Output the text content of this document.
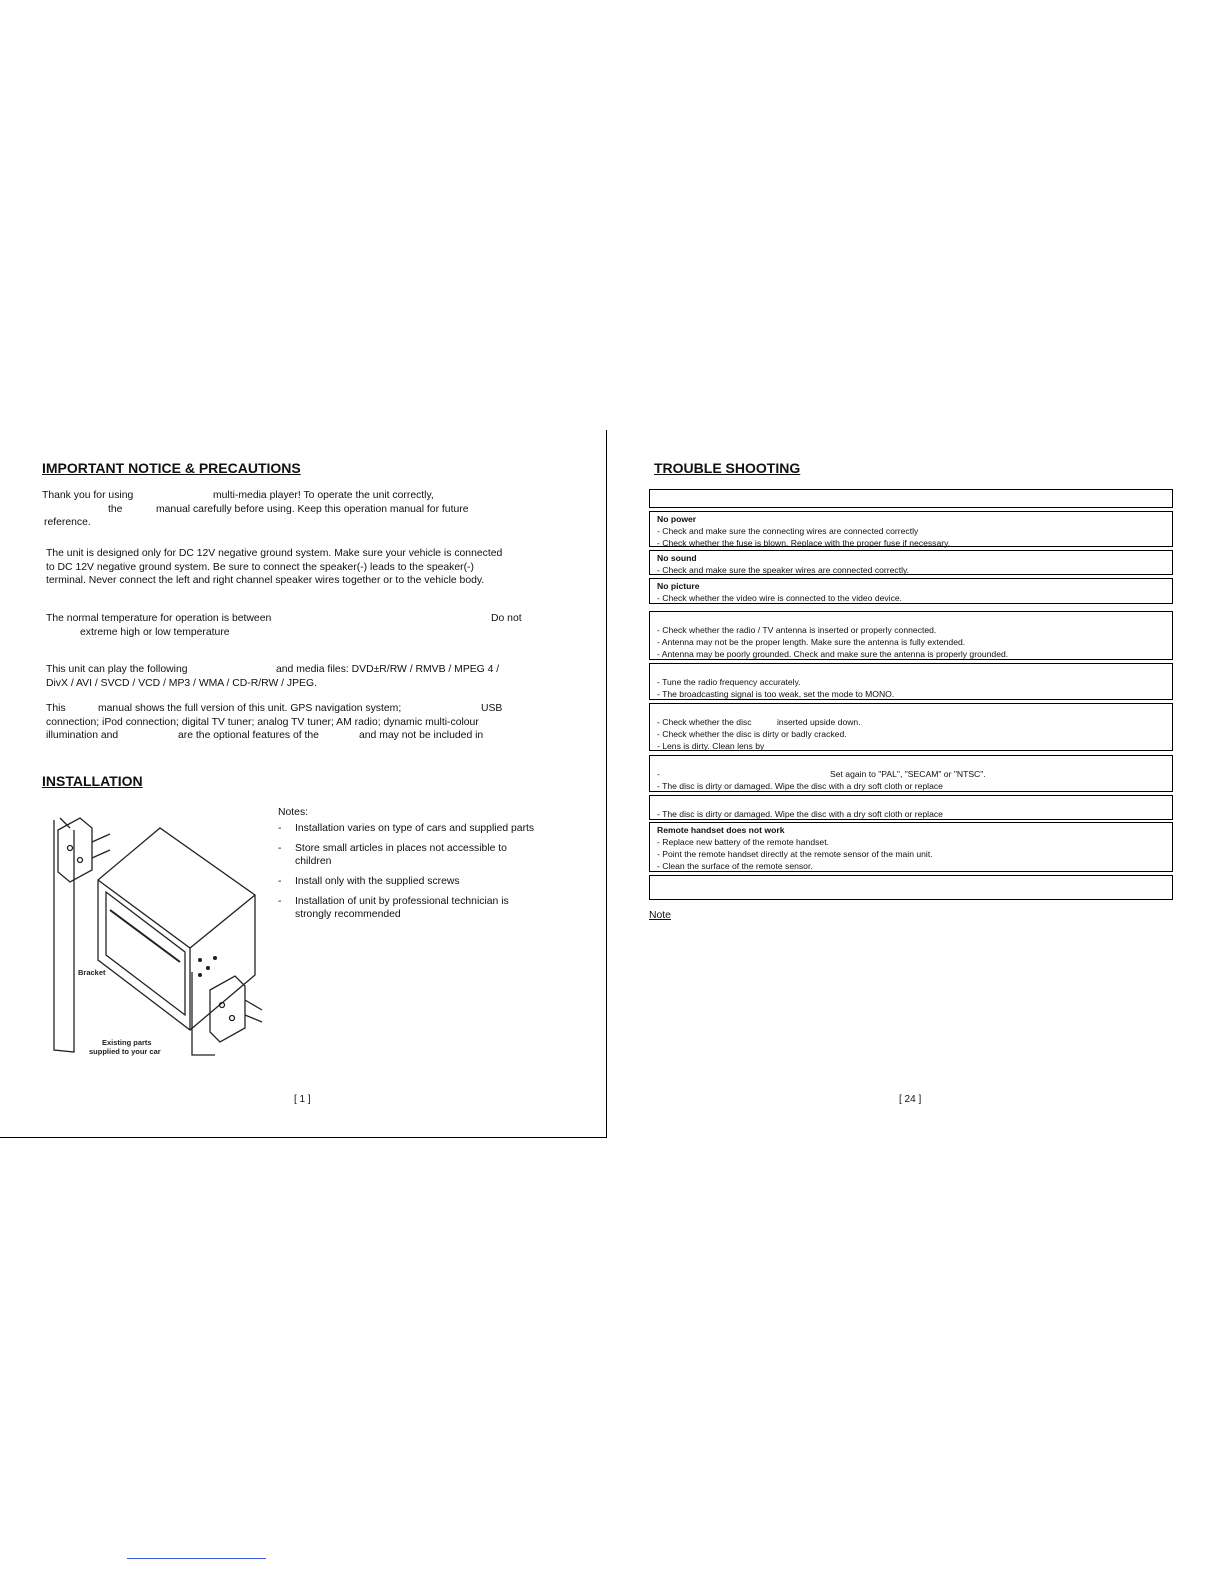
IMPORTANT NOTICE & PRECAUTIONS
Thank you for using	multi-media player! To operate the unit correctly,
the	manual carefully before using. Keep this operation manual for future
reference.
The unit is designed only for DC 12V negative ground system. Make sure your vehicle is connected
to DC 12V negative ground system. Be sure to connect the speaker(-) leads to the speaker(-)
terminal. Never connect the left and right channel speaker wires together or to the vehicle body.
The normal temperature for operation is between	Do not
extreme high or low temperature
This unit can play the following	and media files: DVD±R/RW / RMVB / MPEG 4 /
DivX / AVI / SVCD / VCD / MP3 / WMA / CD-R/RW / JPEG.
This	manual shows the full version of this unit. GPS navigation system;	USB
connection; iPod connection; digital TV tuner; analog TV tuner; AM radio; dynamic multi-colour
illumination and	are the optional features of the	and may not be included in
INSTALLATION
Bracket
Existing parts
supplied to your car
Notes:
- Installation varies on type of cars and supplied parts
- Store small articles in places not accessible to children
- Install only with the supplied screws
- Installation of unit by professional technician is strongly recommended
[ 1 ]
TROUBLE SHOOTING
No power
- Check and make sure the connecting wires are connected correctly
- Check whether the fuse is blown. Replace with the proper fuse if necessary.
No sound
- Check and make sure the speaker wires are connected correctly.
No picture
- Check whether the video wire is connected to the video device.
- Check whether the radio / TV antenna is inserted or properly connected.
- Antenna may not be the proper length. Make sure the antenna is fully extended.
- Antenna may be poorly grounded. Check and make sure the antenna is properly grounded.
- Tune the radio frequency accurately.
- The broadcasting signal is too weak, set the mode to MONO.
- Check whether the disc	inserted upside down.
- Check whether the disc is dirty or badly cracked.
- Lens is dirty. Clean lens by
-	Set again to "PAL", "SECAM" or "NTSC".
- The disc is dirty or damaged. Wipe the disc with a dry soft cloth or replace
- The disc is dirty or damaged. Wipe the disc with a dry soft cloth or replace
Remote handset does not work
- Replace new battery of the remote handset.
- Point the remote handset directly at the remote sensor of the main unit.
- Clean the surface of the remote sensor.
Note
[ 24 ]
